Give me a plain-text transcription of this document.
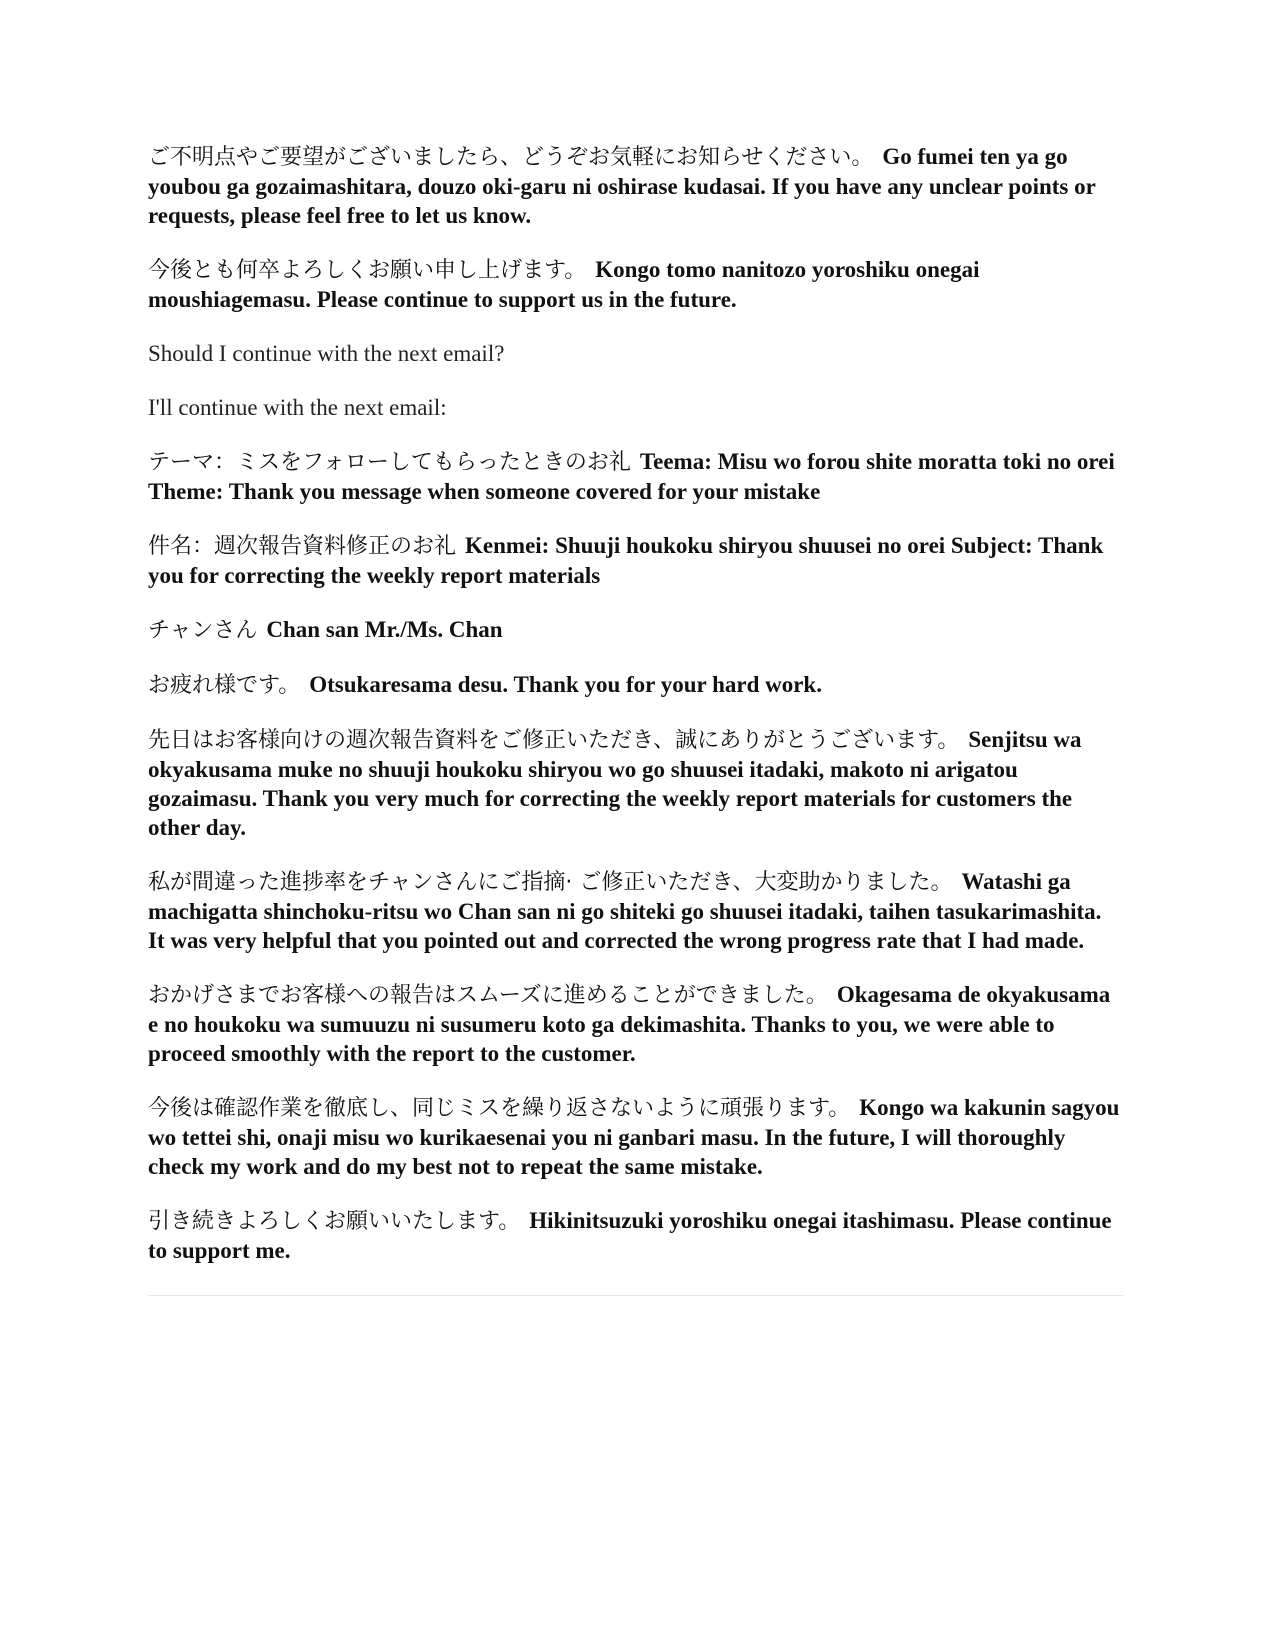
ご不明点やご要望がございましたら、どうぞお気軽にお知らせください。 Go fumei ten ya go youbou ga gozaimashitara, douzo oki-garu ni oshirase kudasai. If you have any unclear points or requests, please feel free to let us know.

今後とも何卒よろしくお願い申し上げます。 Kongo tomo nanitozo yoroshiku onegai moushiagemasu. Please continue to support us in the future.

Should I continue with the next email?

I'll continue with the next email:

テーマ：ミスをフォローしてもらったときのお礼 Teema: Misu wo forou shite moratta toki no orei Theme: Thank you message when someone covered for your mistake

件名：週次報告資料修正のお礼 Kenmei: Shuuji houkoku shiryou shuusei no orei Subject: Thank you for correcting the weekly report materials

チャンさん Chan san Mr./Ms. Chan

お疲れ様です。 Otsukaresama desu. Thank you for your hard work.

先日はお客様向けの週次報告資料をご修正いただき、誠にありがとうございます。 Senjitsu wa okyakusama muke no shuuji houkoku shiryou wo go shuusei itadaki, makoto ni arigatou gozaimasu. Thank you very much for correcting the weekly report materials for customers the other day.

私が間違った進捗率をチャンさんにご指摘· ご修正いただき、大変助かりました。 Watashi ga machigatta shinchoku-ritsu wo Chan san ni go shiteki go shuusei itadaki, taihen tasukarimashita. It was very helpful that you pointed out and corrected the wrong progress rate that I had made.

おかげさまでお客様への報告はスムーズに進めることができました。 Okagesama de okyakusama e no houkoku wa sumuuzu ni susumeru koto ga dekimashita. Thanks to you, we were able to proceed smoothly with the report to the customer.

今後は確認作業を徹底し、同じミスを繰り返さないように頑張ります。 Kongo wa kakunin sagyou wo tettei shi, onaji misu wo kurikaesenai you ni ganbari masu. In the future, I will thoroughly check my work and do my best not to repeat the same mistake.

引き続きよろしくお願いいたします。 Hikinitsuzuki yoroshiku onegai itashimasu. Please continue to support me.
